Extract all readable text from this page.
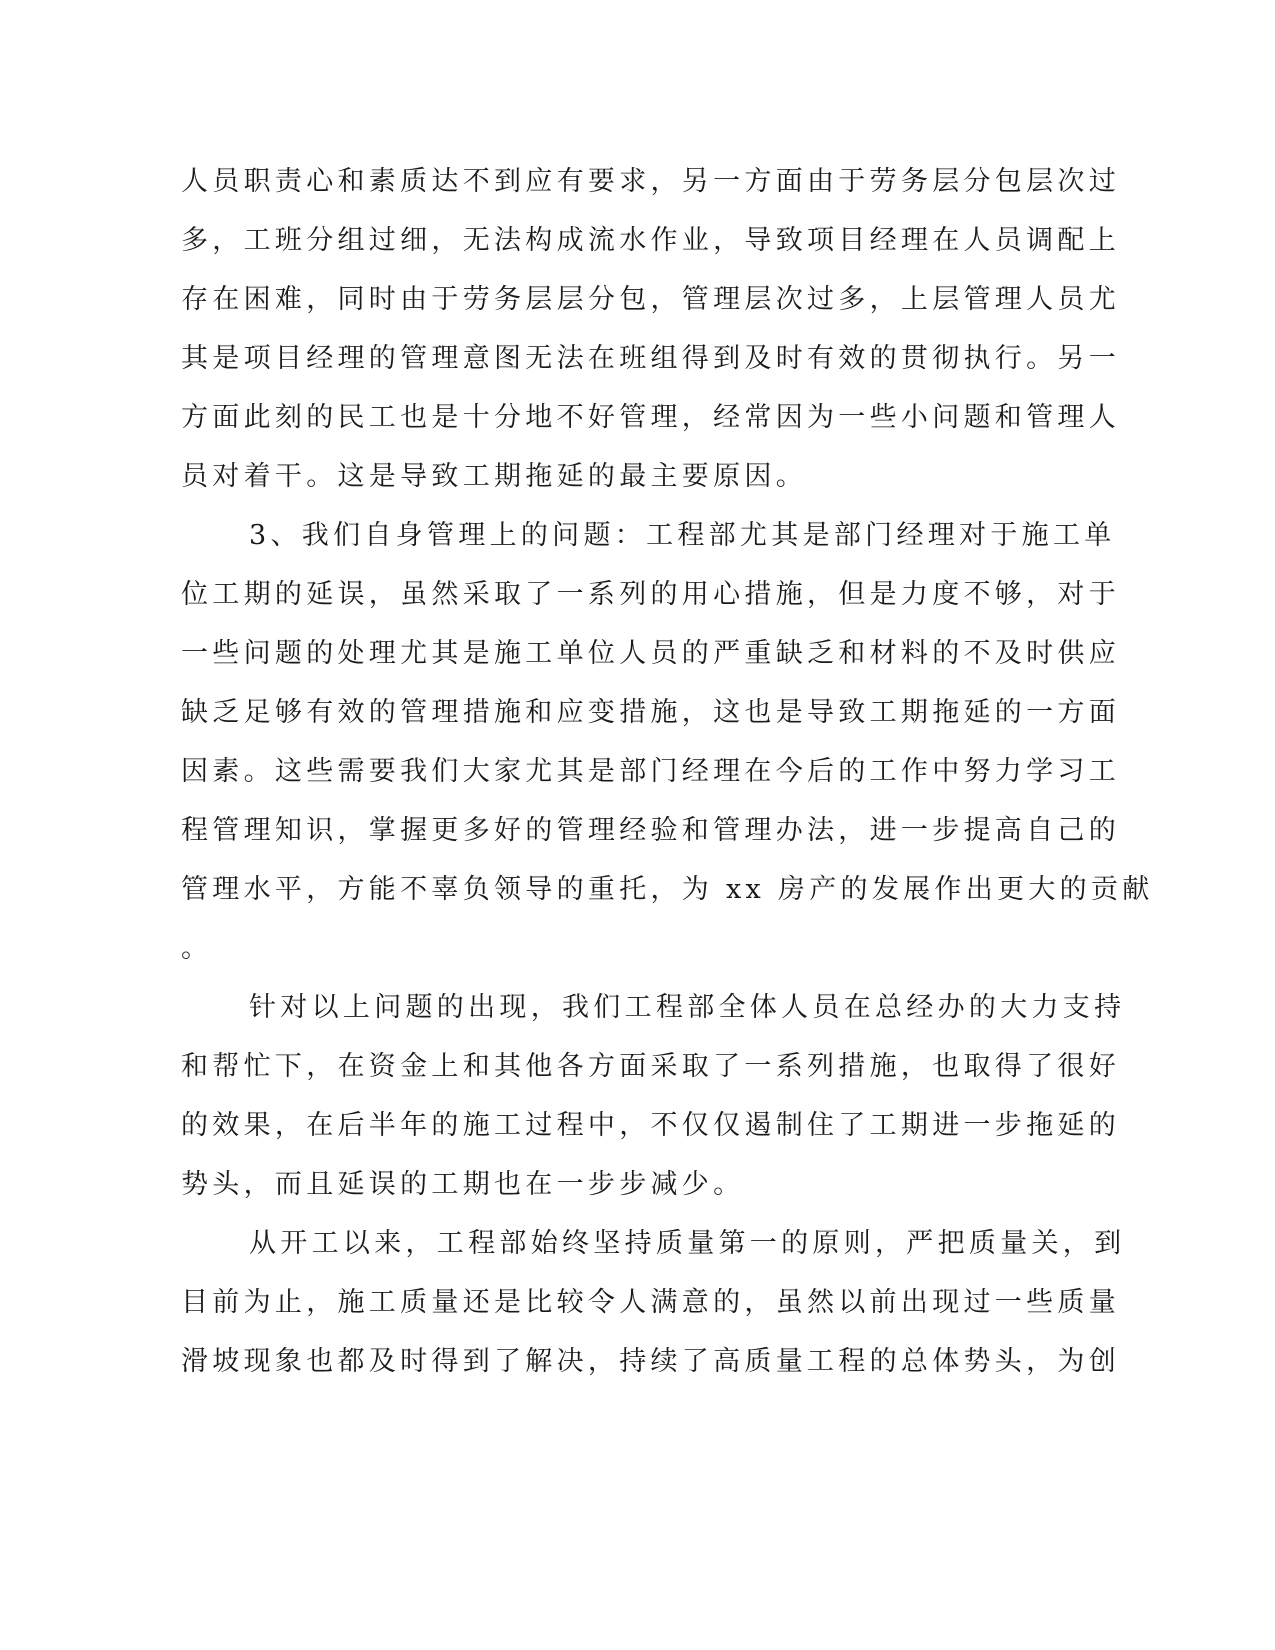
人员职责心和素质达不到应有要求，另一方面由于劳务层分包层次过
多，工班分组过细，无法构成流水作业，导致项目经理在人员调配上
存在困难，同时由于劳务层层分包，管理层次过多，上层管理人员尤
其是项目经理的管理意图无法在班组得到及时有效的贯彻执行。另一
方面此刻的民工也是十分地不好管理，经常因为一些小问题和管理人
员对着干。这是导致工期拖延的最主要原因。
3、我们自身管理上的问题：工程部尤其是部门经理对于施工单
位工期的延误，虽然采取了一系列的用心措施，但是力度不够，对于
一些问题的处理尤其是施工单位人员的严重缺乏和材料的不及时供应
缺乏足够有效的管理措施和应变措施，这也是导致工期拖延的一方面
因素。这些需要我们大家尤其是部门经理在今后的工作中努力学习工
程管理知识，掌握更多好的管理经验和管理办法，进一步提高自己的
管理水平，方能不辜负领导的重托，为 xx 房产的发展作出更大的贡献
。
针对以上问题的出现，我们工程部全体人员在总经办的大力支持
和帮忙下，在资金上和其他各方面采取了一系列措施，也取得了很好
的效果，在后半年的施工过程中，不仅仅遏制住了工期进一步拖延的
势头，而且延误的工期也在一步步减少。
从开工以来，工程部始终坚持质量第一的原则，严把质量关，到
目前为止，施工质量还是比较令人满意的，虽然以前出现过一些质量
滑坡现象也都及时得到了解决，持续了高质量工程的总体势头，为创
